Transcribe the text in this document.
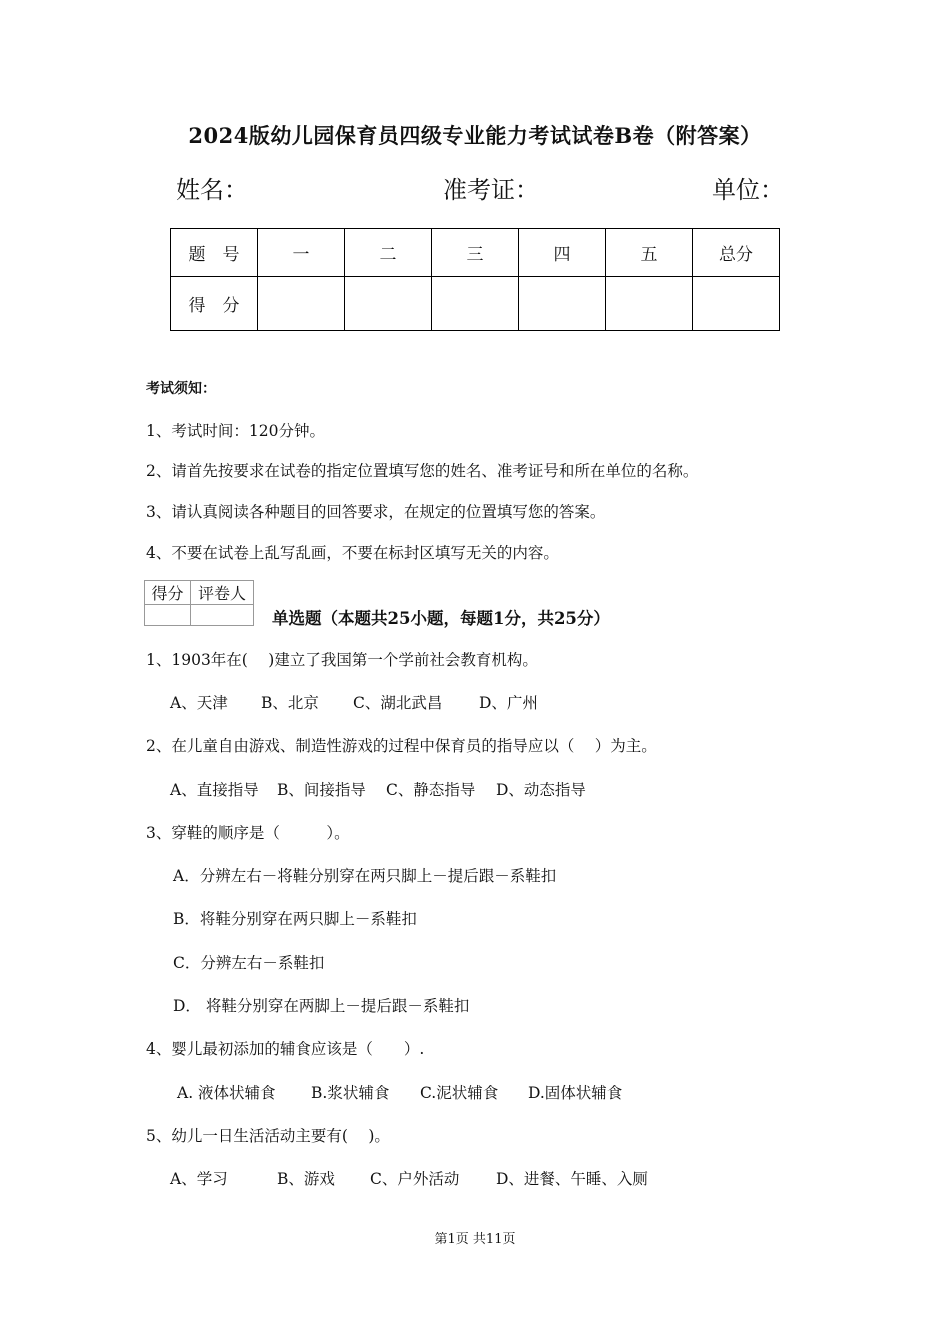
2024版幼儿园保育员四级专业能力考试试卷B卷（附答案）
姓名：	准考证：	单位：
题　号	一	二	三	四	五	总分
得　分						
考试须知：
1、考试时间：120分钟。
2、请首先按要求在试卷的指定位置填写您的姓名、准考证号和所在单位的名称。
3、请认真阅读各种题目的回答要求，在规定的位置填写您的答案。
4、不要在试卷上乱写乱画，不要在标封区填写无关的内容。
得分	评卷人

单选题（本题共25小题，每题1分，共25分）
1、1903年在(　 )建立了我国第一个学前社会教育机构。
A、天津 B、北京 C、湖北武昌 D、广州
2、在儿童自由游戏、制造性游戏的过程中保育员的指导应以（　 ）为主。
A、直接指导 B、间接指导 C、静态指导 D、动态指导
3、穿鞋的顺序是（　　　）。
A．分辨左右－将鞋分别穿在两只脚上－提后跟－系鞋扣
B．将鞋分别穿在两只脚上－系鞋扣
C．分辨左右－系鞋扣
D． 将鞋分别穿在两脚上－提后跟－系鞋扣
4、婴儿最初添加的辅食应该是（　　）.
A. 液体状辅食 B.浆状辅食 C.泥状辅食 D.固体状辅食
5、幼儿一日生活活动主要有(　 )。
A、学习	B、游戏 C、户外活动 D、进餐、午睡、入厕
第1页 共11页
